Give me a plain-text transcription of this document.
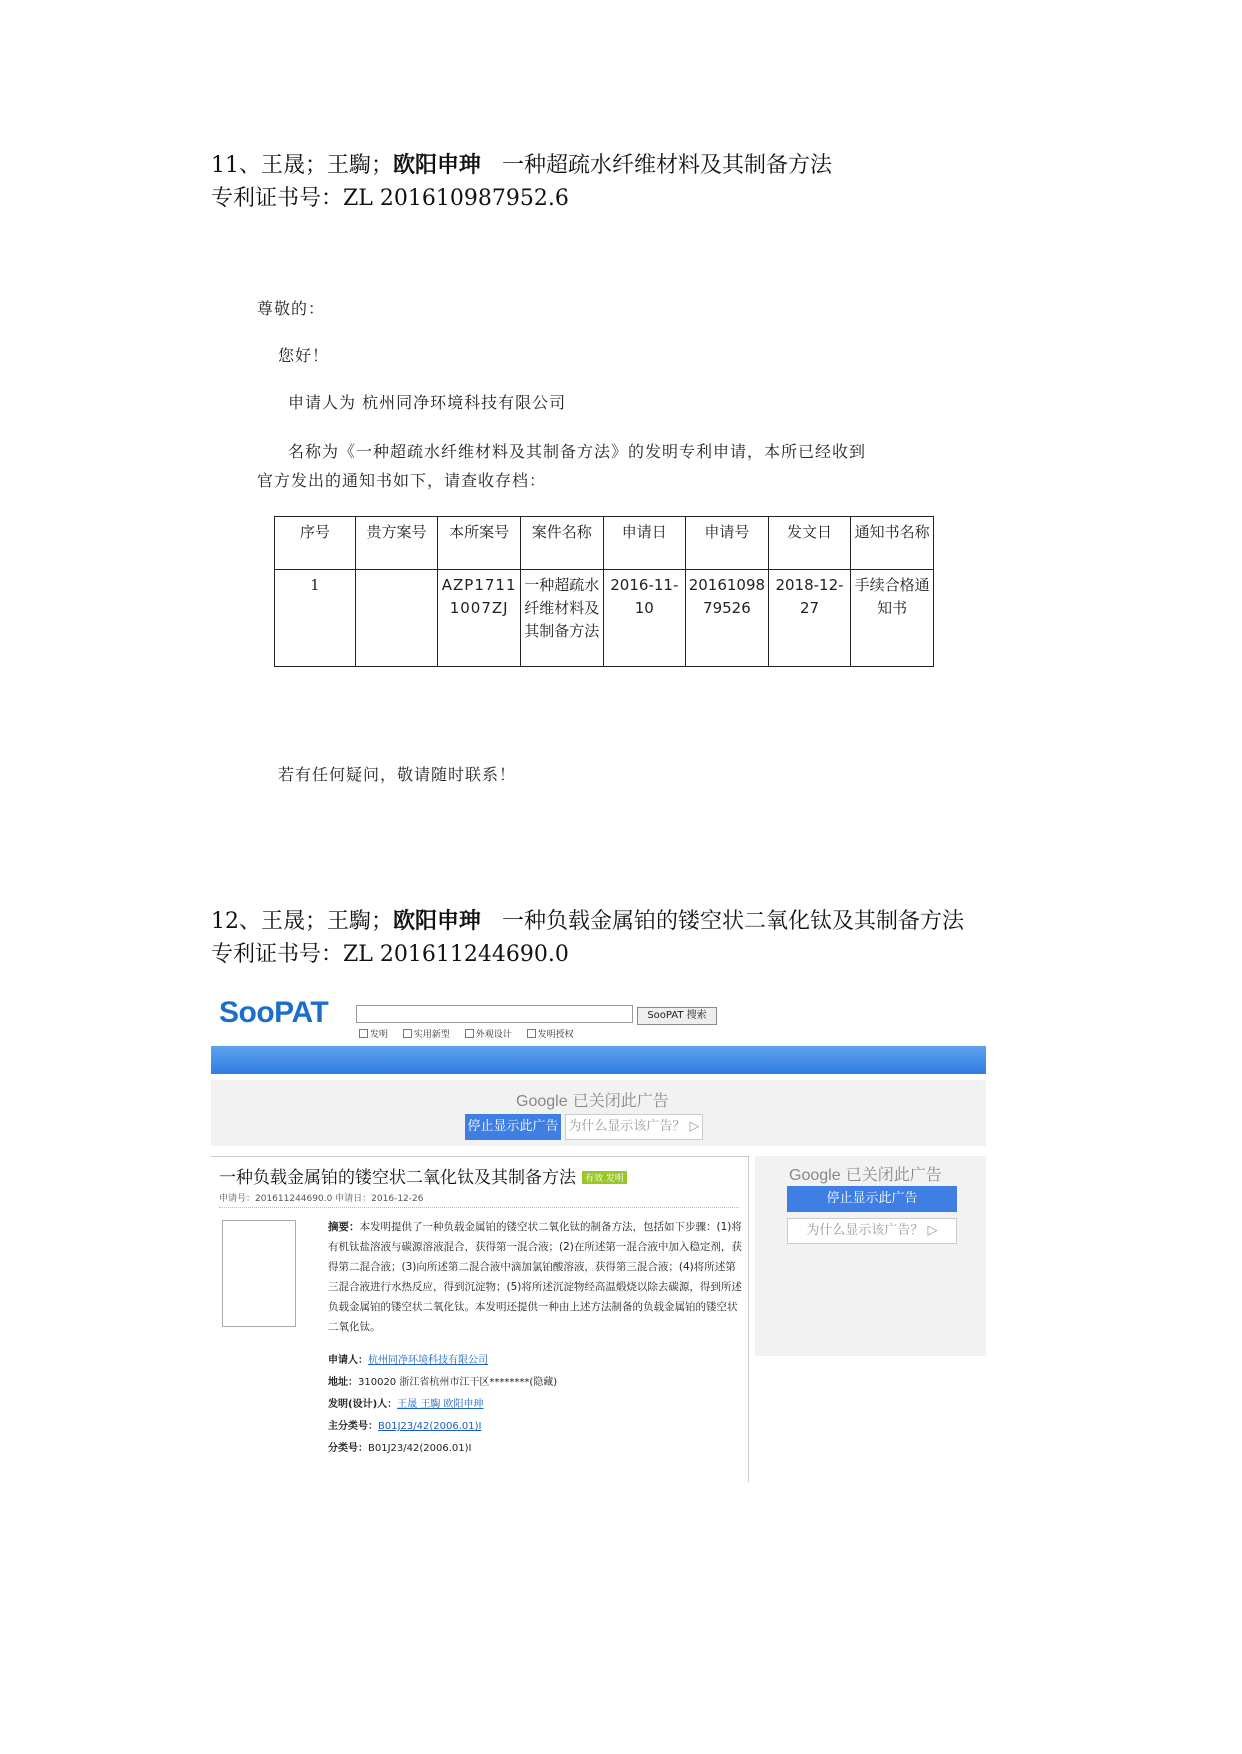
11、王晟；王騊；欧阳申珅 一种超疏水纤维材料及其制备方法
专利证书号：ZL 201610987952.6
尊敬的：
您好！
申请人为 杭州同净环境科技有限公司
名称为《一种超疏水纤维材料及其制备方法》的发明专利申请，本所已经收到
官方发出的通知书如下，请查收存档：
序号	贵方案号	本所案号	案件名称	申请日	申请号	发文日	通知书名称
1		AZP17111007ZJ	一种超疏水纤维材料及其制备方法	2016-11-10	2016109879526	2018-12-27	手续合格通知书
若有任何疑问，敬请随时联系！
12、王晟；王騊；欧阳申珅 一种负载金属铂的镂空状二氧化钛及其制备方法
专利证书号：ZL 201611244690.0
SooPAT	SooPAT 搜索
发明	实用新型	外观设计	发明授权
Google 已关闭此广告
停止显示此广告 为什么显示该广告？ ▷
一种负载金属铂的镂空状二氧化钛及其制备方法 有效 发明
申请号：201611244690.0 申请日：2016-12-26
摘要：本发明提供了一种负载金属铂的镂空状二氧化钛的制备方法，包括如下步骤：(1)将有机钛盐溶液与碳源溶液混合，获得第一混合液；(2)在所述第一混合液中加入稳定剂，获得第二混合液；(3)向所述第二混合液中滴加氯铂酸溶液，获得第三混合液；(4)将所述第三混合液进行水热反应，得到沉淀物；(5)将所述沉淀物经高温煅烧以除去碳源，得到所述负载金属铂的镂空状二氧化钛。本发明还提供一种由上述方法制备的负载金属铂的镂空状二氧化钛。
申请人：杭州同净环境科技有限公司
地址：310020 浙江省杭州市江干区********(隐藏)
发明(设计)人：王晟 王騊 欧阳申珅
主分类号：B01J23/42(2006.01)I
分类号：B01J23/42(2006.01)I
Google 已关闭此广告
停止显示此广告
为什么显示该广告？ ▷
